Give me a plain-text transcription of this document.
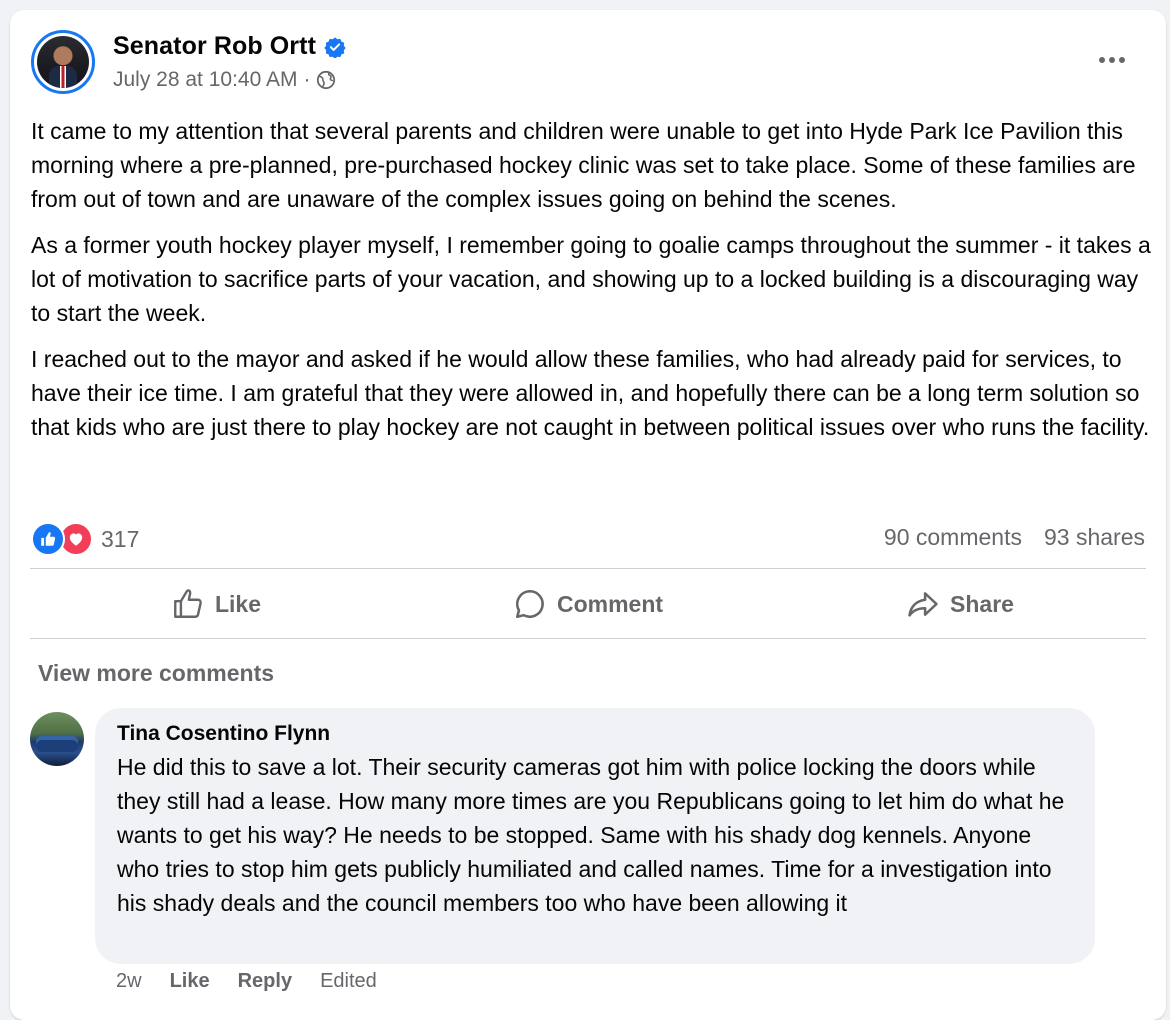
Senator Rob Ortt
July 28 at 10:40 AM ·

It came to my attention that several parents and children were unable to get into Hyde Park Ice Pavilion this morning where a pre-planned, pre-purchased hockey clinic was set to take place. Some of these families are from out of town and are unaware of the complex issues going on behind the scenes.

As a former youth hockey player myself, I remember going to goalie camps throughout the summer - it takes a lot of motivation to sacrifice parts of your vacation, and showing up to a locked building is a discouraging way to start the week.

I reached out to the mayor and asked if he would allow these families, who had already paid for services, to have their ice time. I am grateful that they were allowed in, and hopefully there can be a long term solution so that kids who are just there to play hockey are not caught in between political issues over who runs the facility.

317	90 comments 93 shares
Like	Comment	Share
View more comments
Tina Cosentino Flynn
He did this to save a lot. Their security cameras got him with police locking the doors while they still had a lease. How many more times are you Republicans going to let him do what he wants to get his way? He needs to be stopped. Same with his shady dog kennels. Anyone who tries to stop him gets publicly humiliated and called names. Time for a investigation into his shady deals and the council members too who have been allowing it
2w Like Reply Edited
